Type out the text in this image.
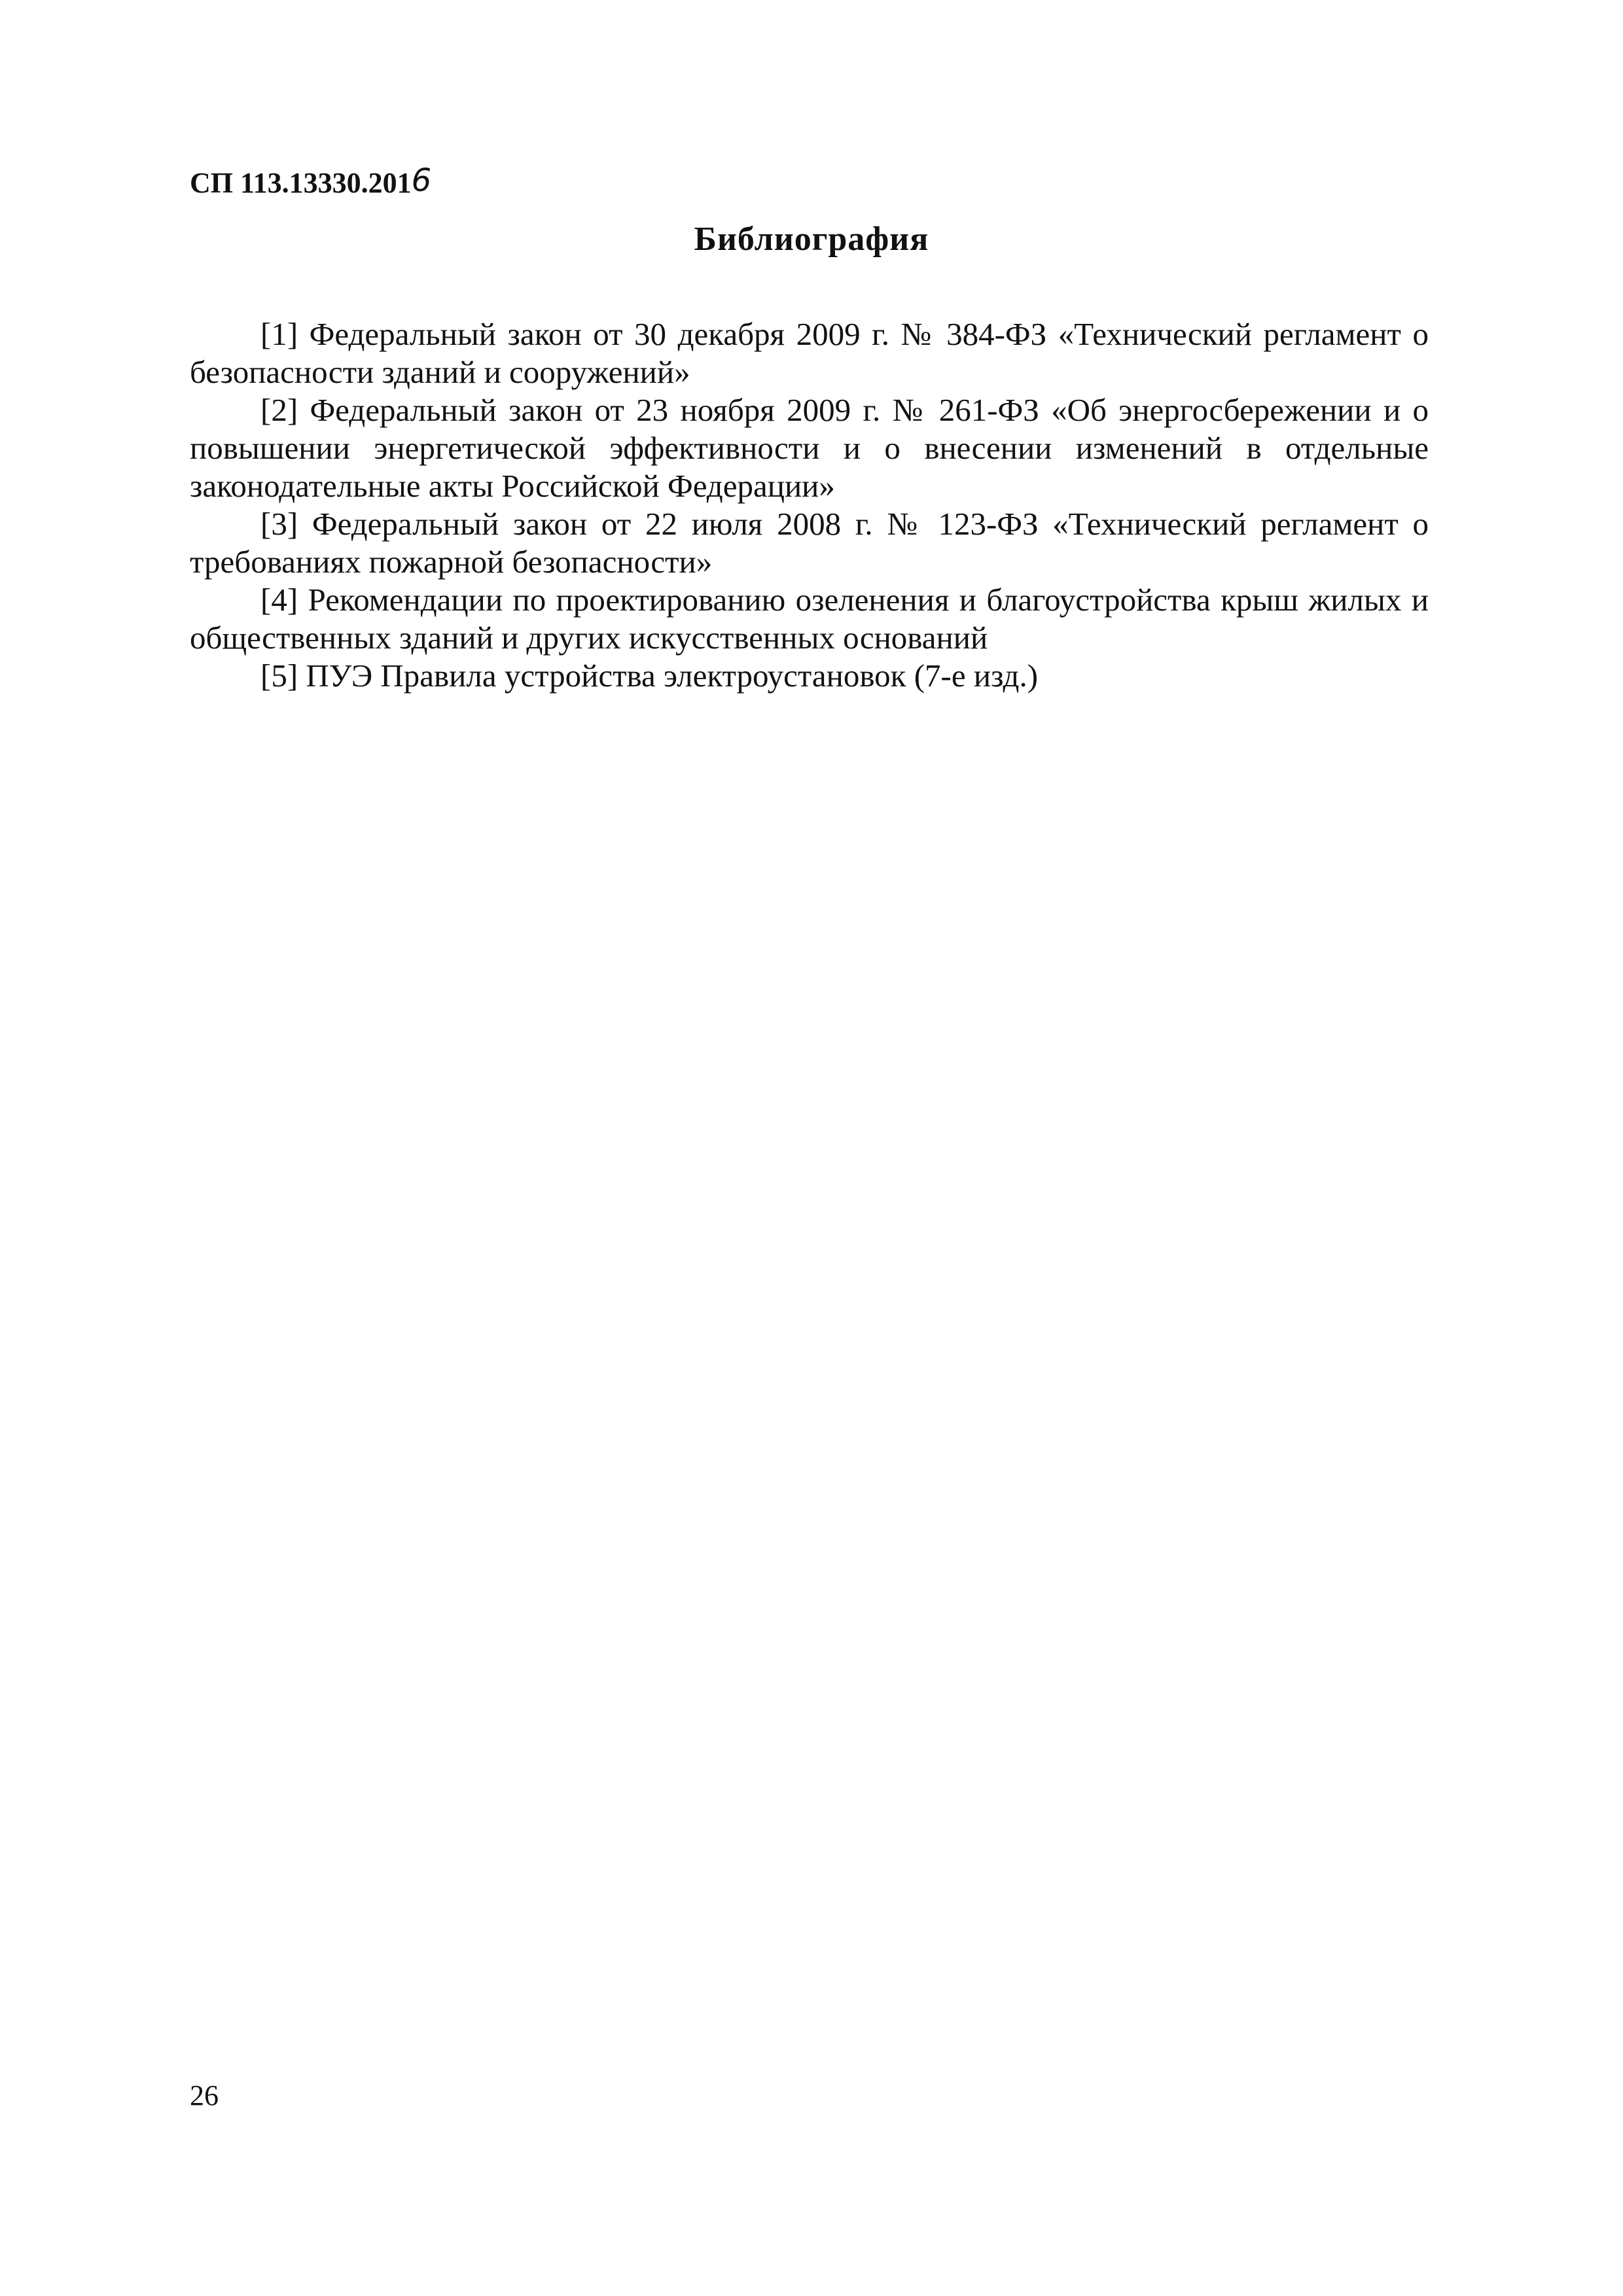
СП 113.13330.2016
Библиография

[1] Федеральный закон от 30 декабря 2009 г. № 384-ФЗ «Технический регламент о безопасности зданий и сооружений»

[2] Федеральный закон от 23 ноября 2009 г. № 261-ФЗ «Об энергосбережении и о повышении энергетической эффективности и о внесении изменений в отдельные законодательные акты Российской Федерации»

[3] Федеральный закон от 22 июля 2008 г. № 123-ФЗ «Технический регламент о требованиях пожарной безопасности»

[4] Рекомендации по проектированию озеленения и благоустройства крыш жилых и общественных зданий и других искусственных оснований

[5] ПУЭ Правила устройства электроустановок (7-е изд.)

26
